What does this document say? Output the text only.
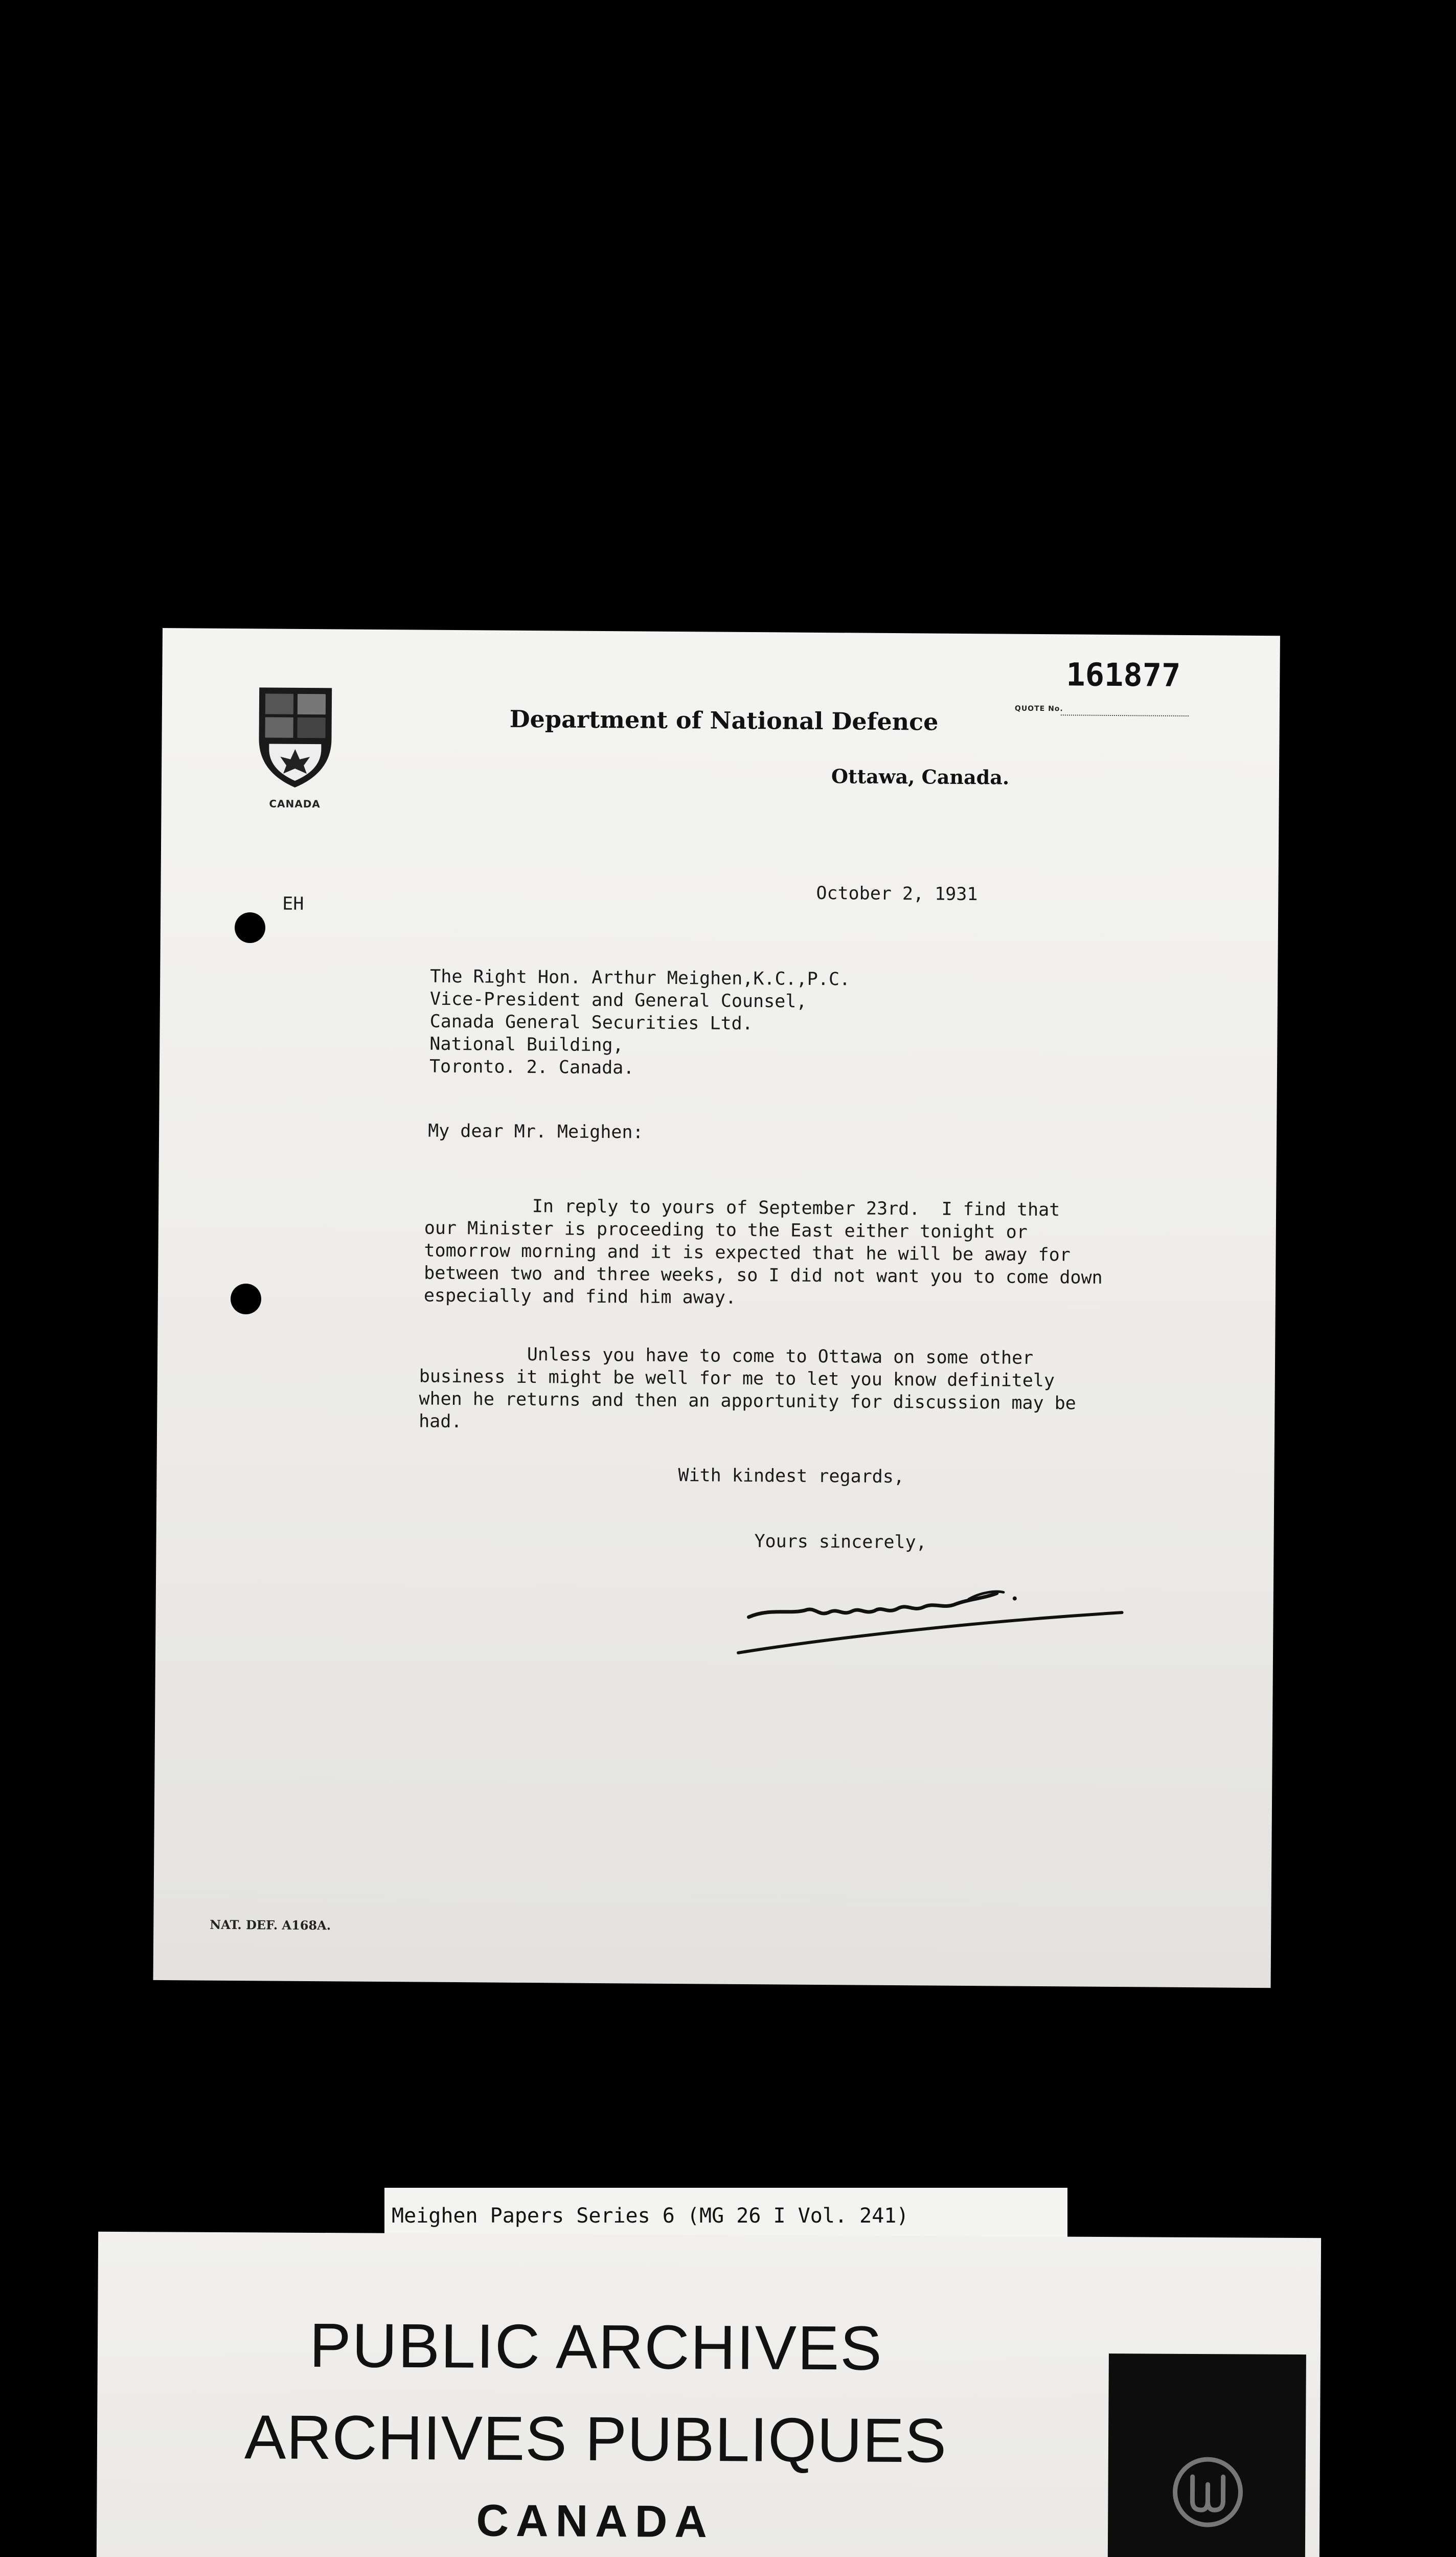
CANADA
161877
QUOTE No.
Department of National Defence
Ottawa, Canada.
EH	October 2, 1931
The Right Hon. Arthur Meighen,K.C.,P.C.
Vice-President and General Counsel,
Canada General Securities Ltd.
National Building,
Toronto. 2. Canada.
My dear Mr. Meighen:
In reply to yours of September 23rd.  I find that
our Minister is proceeding to the East either tonight or
tomorrow morning and it is expected that he will be away for
between two and three weeks, so I did not want you to come down
especially and find him away.
Unless you have to come to Ottawa on some other
business it might be well for me to let you know definitely
when he returns and then an apportunity for discussion may be
had.
With kindest regards,
Yours sincerely,
NAT. DEF. A168A.
Meighen Papers Series 6 (MG 26 I Vol. 241)
PUBLIC ARCHIVES
ARCHIVES PUBLIQUES
CANADA
